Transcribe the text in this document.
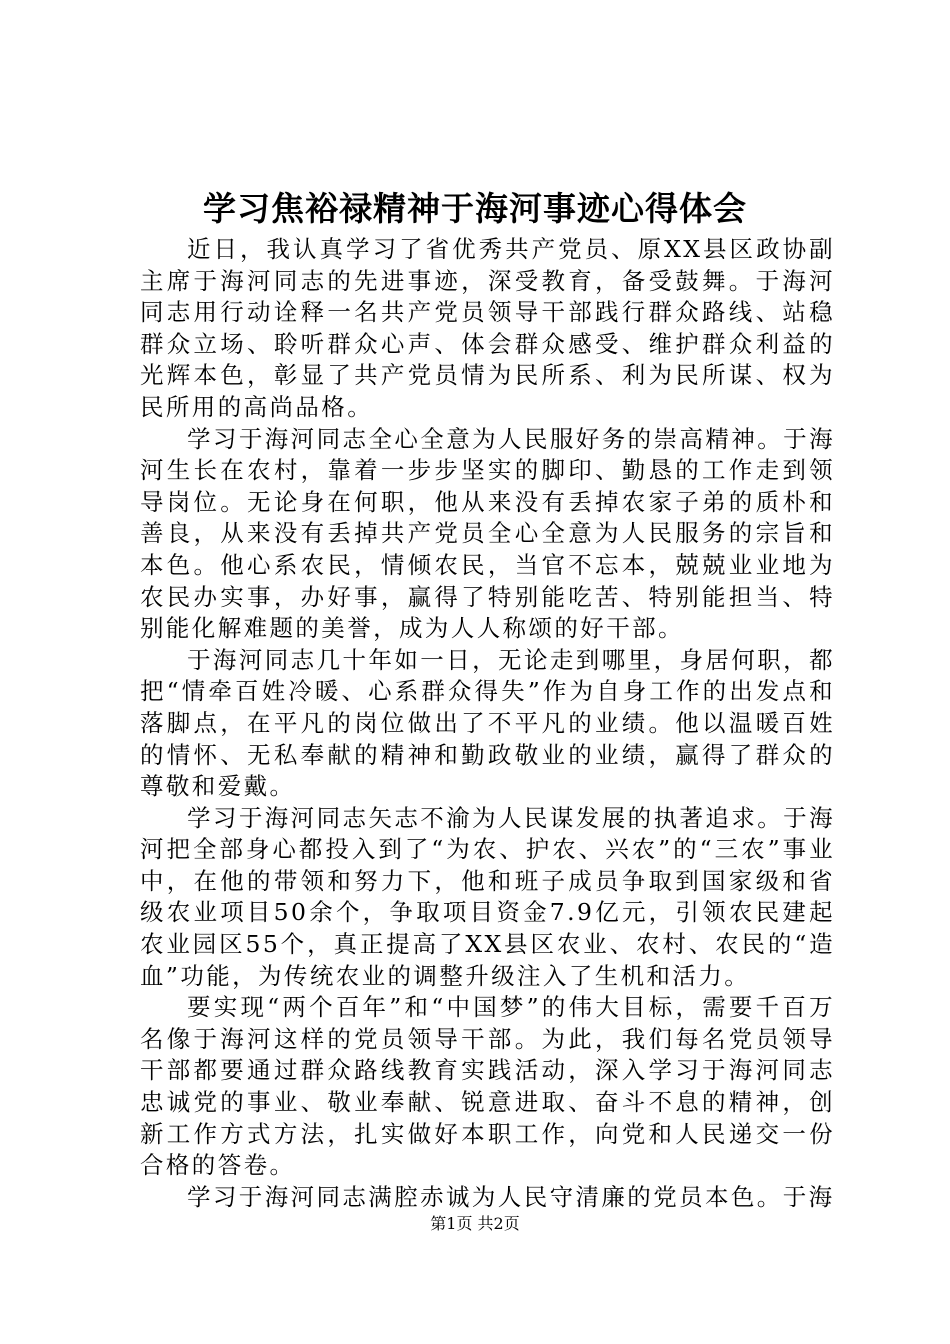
学习焦裕禄精神于海河事迹心得体会

近日，我认真学习了省优秀共产党员、原XX县区政协副主席于海河同志的先进事迹，深受教育，备受鼓舞。于海河同志用行动诠释一名共产党员领导干部践行群众路线、站稳群众立场、聆听群众心声、体会群众感受、维护群众利益的光辉本色，彰显了共产党员情为民所系、利为民所谋、权为民所用的高尚品格。

学习于海河同志全心全意为人民服好务的崇高精神。于海河生长在农村，靠着一步步坚实的脚印、勤恳的工作走到领导岗位。无论身在何职，他从来没有丢掉农家子弟的质朴和善良，从来没有丢掉共产党员全心全意为人民服务的宗旨和本色。他心系农民，情倾农民，当官不忘本，兢兢业业地为农民办实事，办好事，赢得了特别能吃苦、特别能担当、特别能化解难题的美誉，成为人人称颂的好干部。

于海河同志几十年如一日，无论走到哪里，身居何职，都把“情牵百姓冷暖、心系群众得失”作为自身工作的出发点和落脚点，在平凡的岗位做出了不平凡的业绩。他以温暖百姓的情怀、无私奉献的精神和勤政敬业的业绩，赢得了群众的尊敬和爱戴。

学习于海河同志矢志不渝为人民谋发展的执著追求。于海河把全部身心都投入到了“为农、护农、兴农”的“三农”事业中，在他的带领和努力下，他和班子成员争取到国家级和省级农业项目50余个，争取项目资金7.9亿元，引领农民建起农业园区55个，真正提高了XX县区农业、农村、农民的“造血”功能，为传统农业的调整升级注入了生机和活力。

要实现“两个百年”和“中国梦”的伟大目标，需要千百万名像于海河这样的党员领导干部。为此，我们每名党员领导干部都要通过群众路线教育实践活动，深入学习于海河同志忠诚党的事业、敬业奉献、锐意进取、奋斗不息的精神，创新工作方式方法，扎实做好本职工作，向党和人民递交一份合格的答卷。

学习于海河同志满腔赤诚为人民守清廉的党员本色。于海

第1页 共2页
